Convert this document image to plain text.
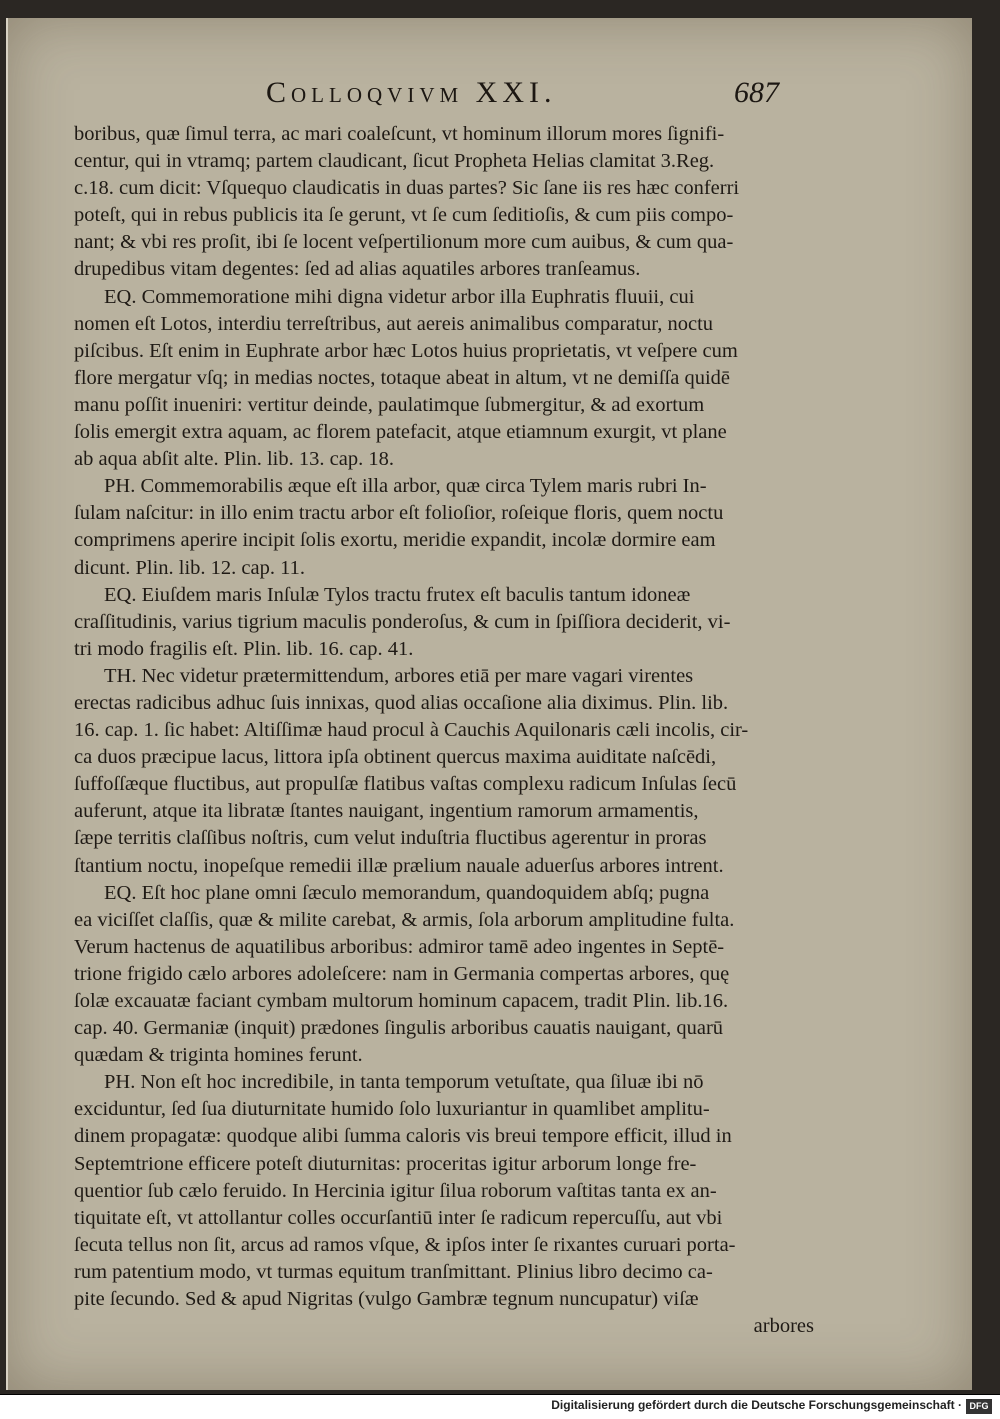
Colloqvivm XXI.	687
boribus, quæ ſimul terra, ac mari coaleſcunt, vt hominum illorum mores ſignifi-
centur, qui in vtramq; partem claudicant, ſicut Propheta Helias clamitat 3.Reg.
c.18. cum dicit: Vſquequo claudicatis in duas partes? Sic ſane iis res hæc conferri
poteſt, qui in rebus publicis ita ſe gerunt, vt ſe cum ſeditioſis, & cum piis compo-
nant; & vbi res proſit, ibi ſe locent veſpertilionum more cum auibus, & cum qua-
drupedibus vitam degentes: ſed ad alias aquatiles arbores tranſeamus.
EQ. Commemoratione mihi digna videtur arbor illa Euphratis fluuii, cui
nomen eſt Lotos, interdiu terreſtribus, aut aereis animalibus comparatur, noctu
piſcibus. Eſt enim in Euphrate arbor hæc Lotos huius proprietatis, vt veſpere cum
flore mergatur vſq; in medias noctes, totaque abeat in altum, vt ne demiſſa quidē
manu poſſit inueniri: vertitur deinde, paulatimque ſubmergitur, & ad exortum
ſolis emergit extra aquam, ac florem patefacit, atque etiamnum exurgit, vt plane
ab aqua abſit alte. Plin. lib. 13. cap. 18.
PH. Commemorabilis æque eſt illa arbor, quæ circa Tylem maris rubri In-
ſulam naſcitur: in illo enim tractu arbor eſt folioſior, roſeique floris, quem noctu
comprimens aperire incipit ſolis exortu, meridie expandit, incolæ dormire eam
dicunt. Plin. lib. 12. cap. 11.
EQ. Eiuſdem maris Inſulæ Tylos tractu frutex eſt baculis tantum idoneæ
craſſitudinis, varius tigrium maculis ponderoſus, & cum in ſpiſſiora deciderit, vi-
tri modo fragilis eſt. Plin. lib. 16. cap. 41.
TH. Nec videtur prætermittendum, arbores etiā per mare vagari virentes
erectas radicibus adhuc ſuis innixas, quod alias occaſione alia diximus. Plin. lib.
16. cap. 1. ſic habet: Altiſſimæ haud procul à Cauchis Aquilonaris cæli incolis, cir-
ca duos præcipue lacus, littora ipſa obtinent quercus maxima auiditate naſcēdi,
ſuffoſſæque fluctibus, aut propulſæ flatibus vaſtas complexu radicum Inſulas ſecū
auferunt, atque ita libratæ ſtantes nauigant, ingentium ramorum armamentis,
ſæpe territis claſſibus noſtris, cum velut induſtria fluctibus agerentur in proras
ſtantium noctu, inopeſque remedii illæ prælium nauale aduerſus arbores intrent.
EQ. Eſt hoc plane omni ſæculo memorandum, quandoquidem abſq; pugna
ea viciſſet claſſis, quæ & milite carebat, & armis, ſola arborum amplitudine fulta.
Verum hactenus de aquatilibus arboribus: admiror tamē adeo ingentes in Septē-
trione frigido cælo arbores adoleſcere: nam in Germania compertas arbores, quę
ſolæ excauatæ faciant cymbam multorum hominum capacem, tradit Plin. lib.16.
cap. 40. Germaniæ (inquit) prædones ſingulis arboribus cauatis nauigant, quarū
quædam & triginta homines ferunt.
PH. Non eſt hoc incredibile, in tanta temporum vetuſtate, qua ſiluæ ibi nō
exciduntur, ſed ſua diuturnitate humido ſolo luxuriantur in quamlibet amplitu-
dinem propagatæ: quodque alibi ſumma caloris vis breui tempore efficit, illud in
Septemtrione efficere poteſt diuturnitas: proceritas igitur arborum longe fre-
quentior ſub cælo feruido. In Hercinia igitur ſilua roborum vaſtitas tanta ex an-
tiquitate eſt, vt attollantur colles occurſantiū inter ſe radicum repercuſſu, aut vbi
ſecuta tellus non ſit, arcus ad ramos vſque, & ipſos inter ſe rixantes curuari porta-
rum patentium modo, vt turmas equitum tranſmittant. Plinius libro decimo ca-
pite ſecundo. Sed & apud Nigritas (vulgo Gambræ tegnum nuncupatur) viſæ
arbores
Digitalisierung gefördert durch die Deutsche Forschungsgemeinschaft · DFG
